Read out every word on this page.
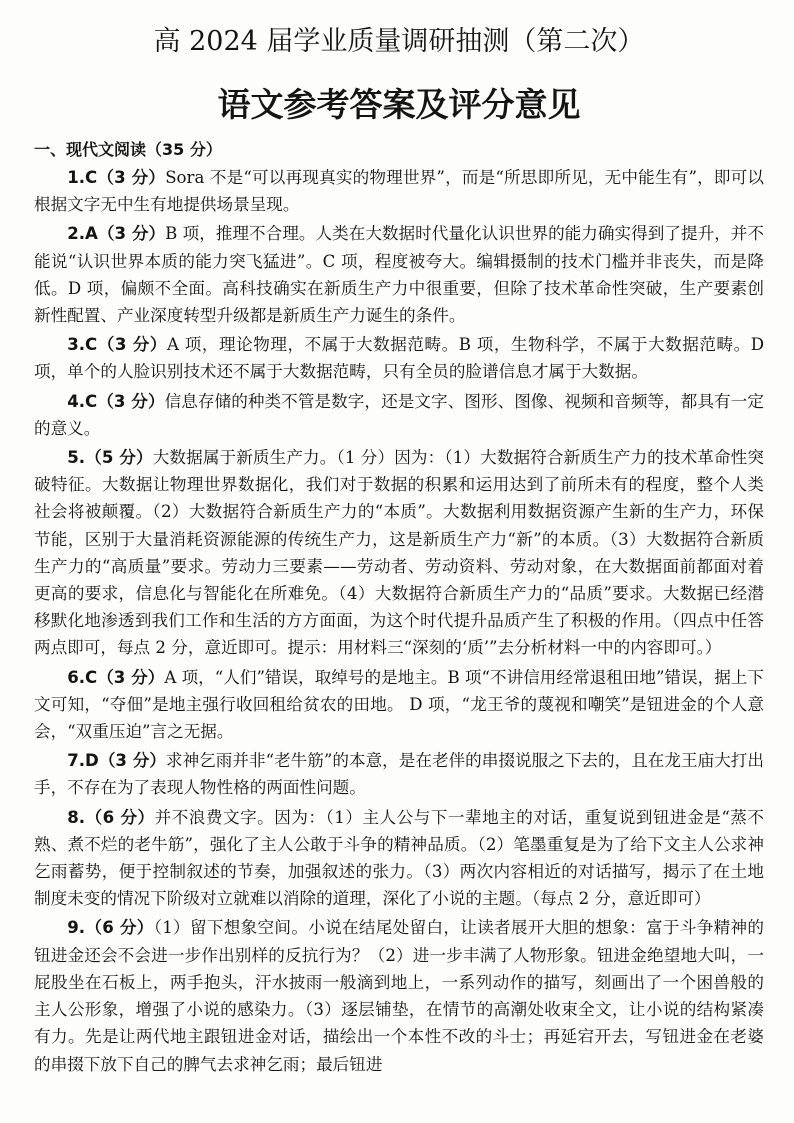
高 2024 届学业质量调研抽测（第二次）
语文参考答案及评分意见
一、现代文阅读（35 分）

1.C（3 分）Sora 不是“可以再现真实的物理世界”，而是“所思即所见，无中能生有”，即可以根据文字无中生有地提供场景呈现。

2.A（3 分）B 项，推理不合理。人类在大数据时代量化认识世界的能力确实得到了提升，并不能说“认识世界本质的能力突飞猛进”。C 项，程度被夸大。编辑摄制的技术门槛并非丧失，而是降低。D 项，偏颇不全面。高科技确实在新质生产力中很重要，但除了技术革命性突破，生产要素创新性配置、产业深度转型升级都是新质生产力诞生的条件。

3.C（3 分）A 项，理论物理，不属于大数据范畴。B 项，生物科学，不属于大数据范畴。D 项，单个的人脸识别技术还不属于大数据范畴，只有全员的脸谱信息才属于大数据。

4.C（3 分）信息存储的种类不管是数字，还是文字、图形、图像、视频和音频等，都具有一定的意义。

5.（5 分）大数据属于新质生产力。（1 分）因为：（1）大数据符合新质生产力的技术革命性突破特征。大数据让物理世界数据化，我们对于数据的积累和运用达到了前所未有的程度，整个人类社会将被颠覆。（2）大数据符合新质生产力的“本质”。大数据利用数据资源产生新的生产力，环保节能，区别于大量消耗资源能源的传统生产力，这是新质生产力“新”的本质。（3）大数据符合新质生产力的“高质量”要求。劳动力三要素——劳动者、劳动资料、劳动对象，在大数据面前都面对着更高的要求，信息化与智能化在所难免。（4）大数据符合新质生产力的“品质”要求。大数据已经潜移默化地渗透到我们工作和生活的方方面面，为这个时代提升品质产生了积极的作用。（四点中任答两点即可，每点 2 分，意近即可。提示：用材料三“深刻的‘质’”去分析材料一中的内容即可。）

6.C（3 分）A 项，“人们”错误，取绰号的是地主。B 项“不讲信用经常退租田地”错误，据上下文可知，“夺佃”是地主强行收回租给贫农的田地。 D 项，“龙王爷的蔑视和嘲笑”是钮进金的个人意会，“双重压迫”言之无据。

7.D（3 分）求神乞雨并非“老牛筋”的本意，是在老伴的串掇说服之下去的，且在龙王庙大打出手，不存在为了表现人物性格的两面性问题。

8.（6 分）并不浪费文字。因为：（1）主人公与下一辈地主的对话，重复说到钮进金是“蒸不熟、煮不烂的老牛筋”，强化了主人公敢于斗争的精神品质。（2）笔墨重复是为了给下文主人公求神乞雨蓄势，便于控制叙述的节奏，加强叙述的张力。（3）两次内容相近的对话描写，揭示了在土地制度未变的情况下阶级对立就难以消除的道理，深化了小说的主题。（每点 2 分，意近即可）

9.（6 分）（1）留下想象空间。小说在结尾处留白，让读者展开大胆的想象：富于斗争精神的钮进金还会不会进一步作出别样的反抗行为？（2）进一步丰满了人物形象。钮进金绝望地大叫，一屁股坐在石板上，两手抱头，汗水披雨一般滴到地上，一系列动作的描写，刻画出了一个困兽般的主人公形象，增强了小说的感染力。（3）逐层铺垫，在情节的高潮处收束全文，让小说的结构紧凑有力。先是让两代地主跟钮进金对话，描绘出一个本性不改的斗士；再延宕开去，写钮进金在老婆的串掇下放下自己的脾气去求神乞雨；最后钮进
